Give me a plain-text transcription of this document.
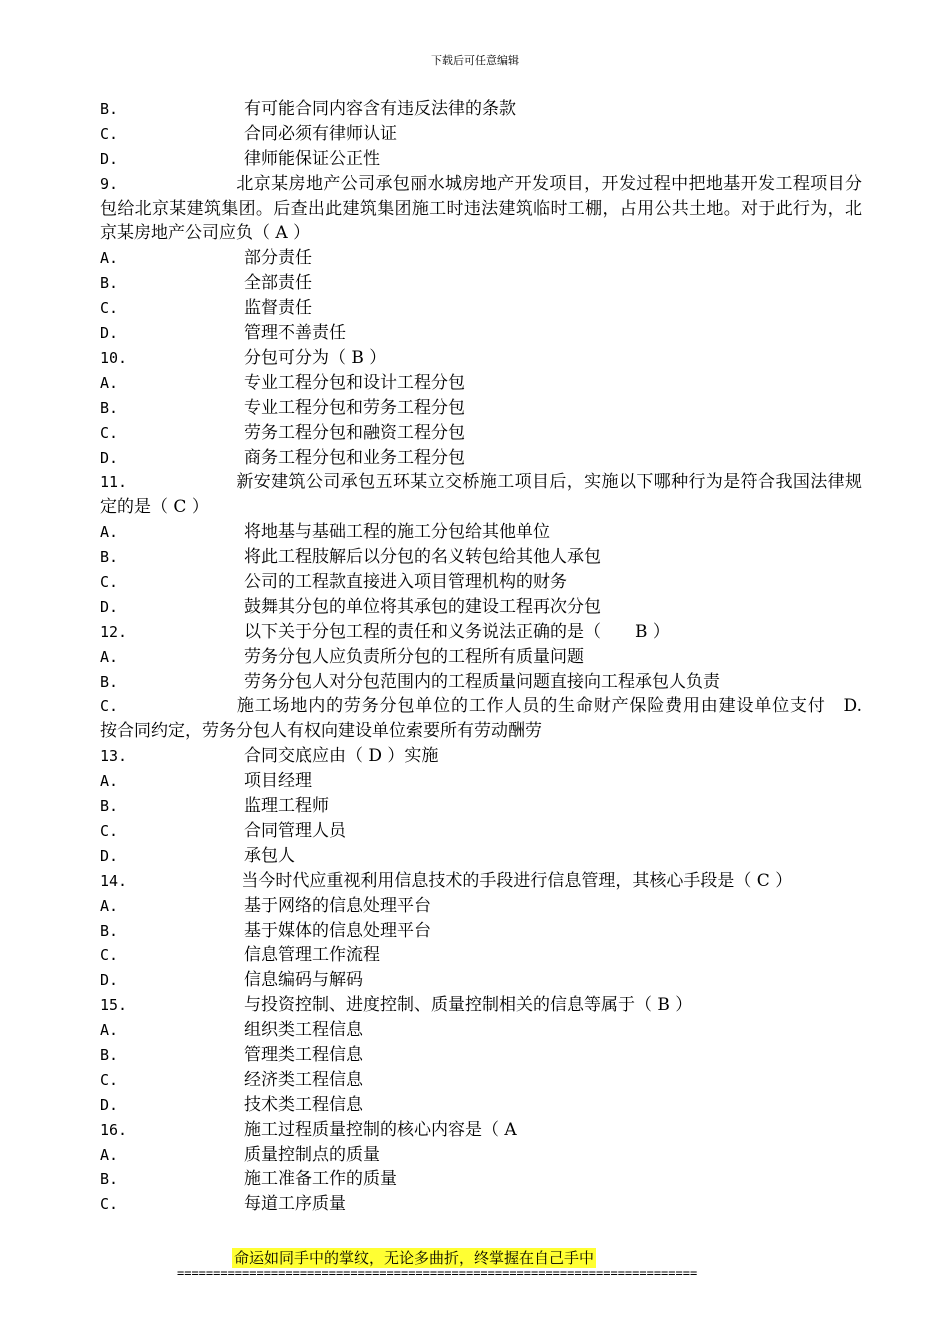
下载后可任意编辑
B.	有可能合同内容含有违反法律的条款
C.	合同必须有律师认证
D.	律师能保证公正性
9.	北京某房地产公司承包丽水城房地产开发项目，开发过程中把地基开发工程项目分包给北京某建筑集团。后查出此建筑集团施工时违法建筑临时工棚，占用公共土地。对于此行为，北京某房地产公司应负（ A ）
A.	部分责任
B.	全部责任
C.	监督责任
D.	管理不善责任
10.	分包可分为（ B ）
A.	专业工程分包和设计工程分包
B.	专业工程分包和劳务工程分包
C.	劳务工程分包和融资工程分包
D.	商务工程分包和业务工程分包
11.	新安建筑公司承包五环某立交桥施工项目后，实施以下哪种行为是符合我国法律规定的是（ C ）
A.	将地基与基础工程的施工分包给其他单位
B.	将此工程肢解后以分包的名义转包给其他人承包
C.	公司的工程款直接进入项目管理机构的财务
D.	鼓舞其分包的单位将其承包的建设工程再次分包
12.	以下关于分包工程的责任和义务说法正确的是（　　B ）
A.	劳务分包人应负责所分包的工程所有质量问题
B.	劳务分包人对分包范围内的工程质量问题直接向工程承包人负责
C.	施工场地内的劳务分包单位的工作人员的生命财产保险费用由建设单位支付　D.　　　　按合同约定，劳务分包人有权向建设单位索要所有劳动酬劳
13.	合同交底应由（ D ）实施
A.	项目经理
B.	监理工程师
C.	合同管理人员
D.	承包人
14.	当今时代应重视利用信息技术的手段进行信息管理，其核心手段是（ C ）
A.	基于网络的信息处理平台
B.	基于媒体的信息处理平台
C.	信息管理工作流程
D.	信息编码与解码
15.	与投资控制、进度控制、质量控制相关的信息等属于（ B ）
A.	组织类工程信息
B.	管理类工程信息
C.	经济类工程信息
D.	技术类工程信息
16.	施工过程质量控制的核心内容是（ A
A.	质量控制点的质量
B.	施工准备工作的质量
C.	每道工序质量
命运如同手中的掌纹，无论多曲折，终掌握在自己手中
========================================================================
